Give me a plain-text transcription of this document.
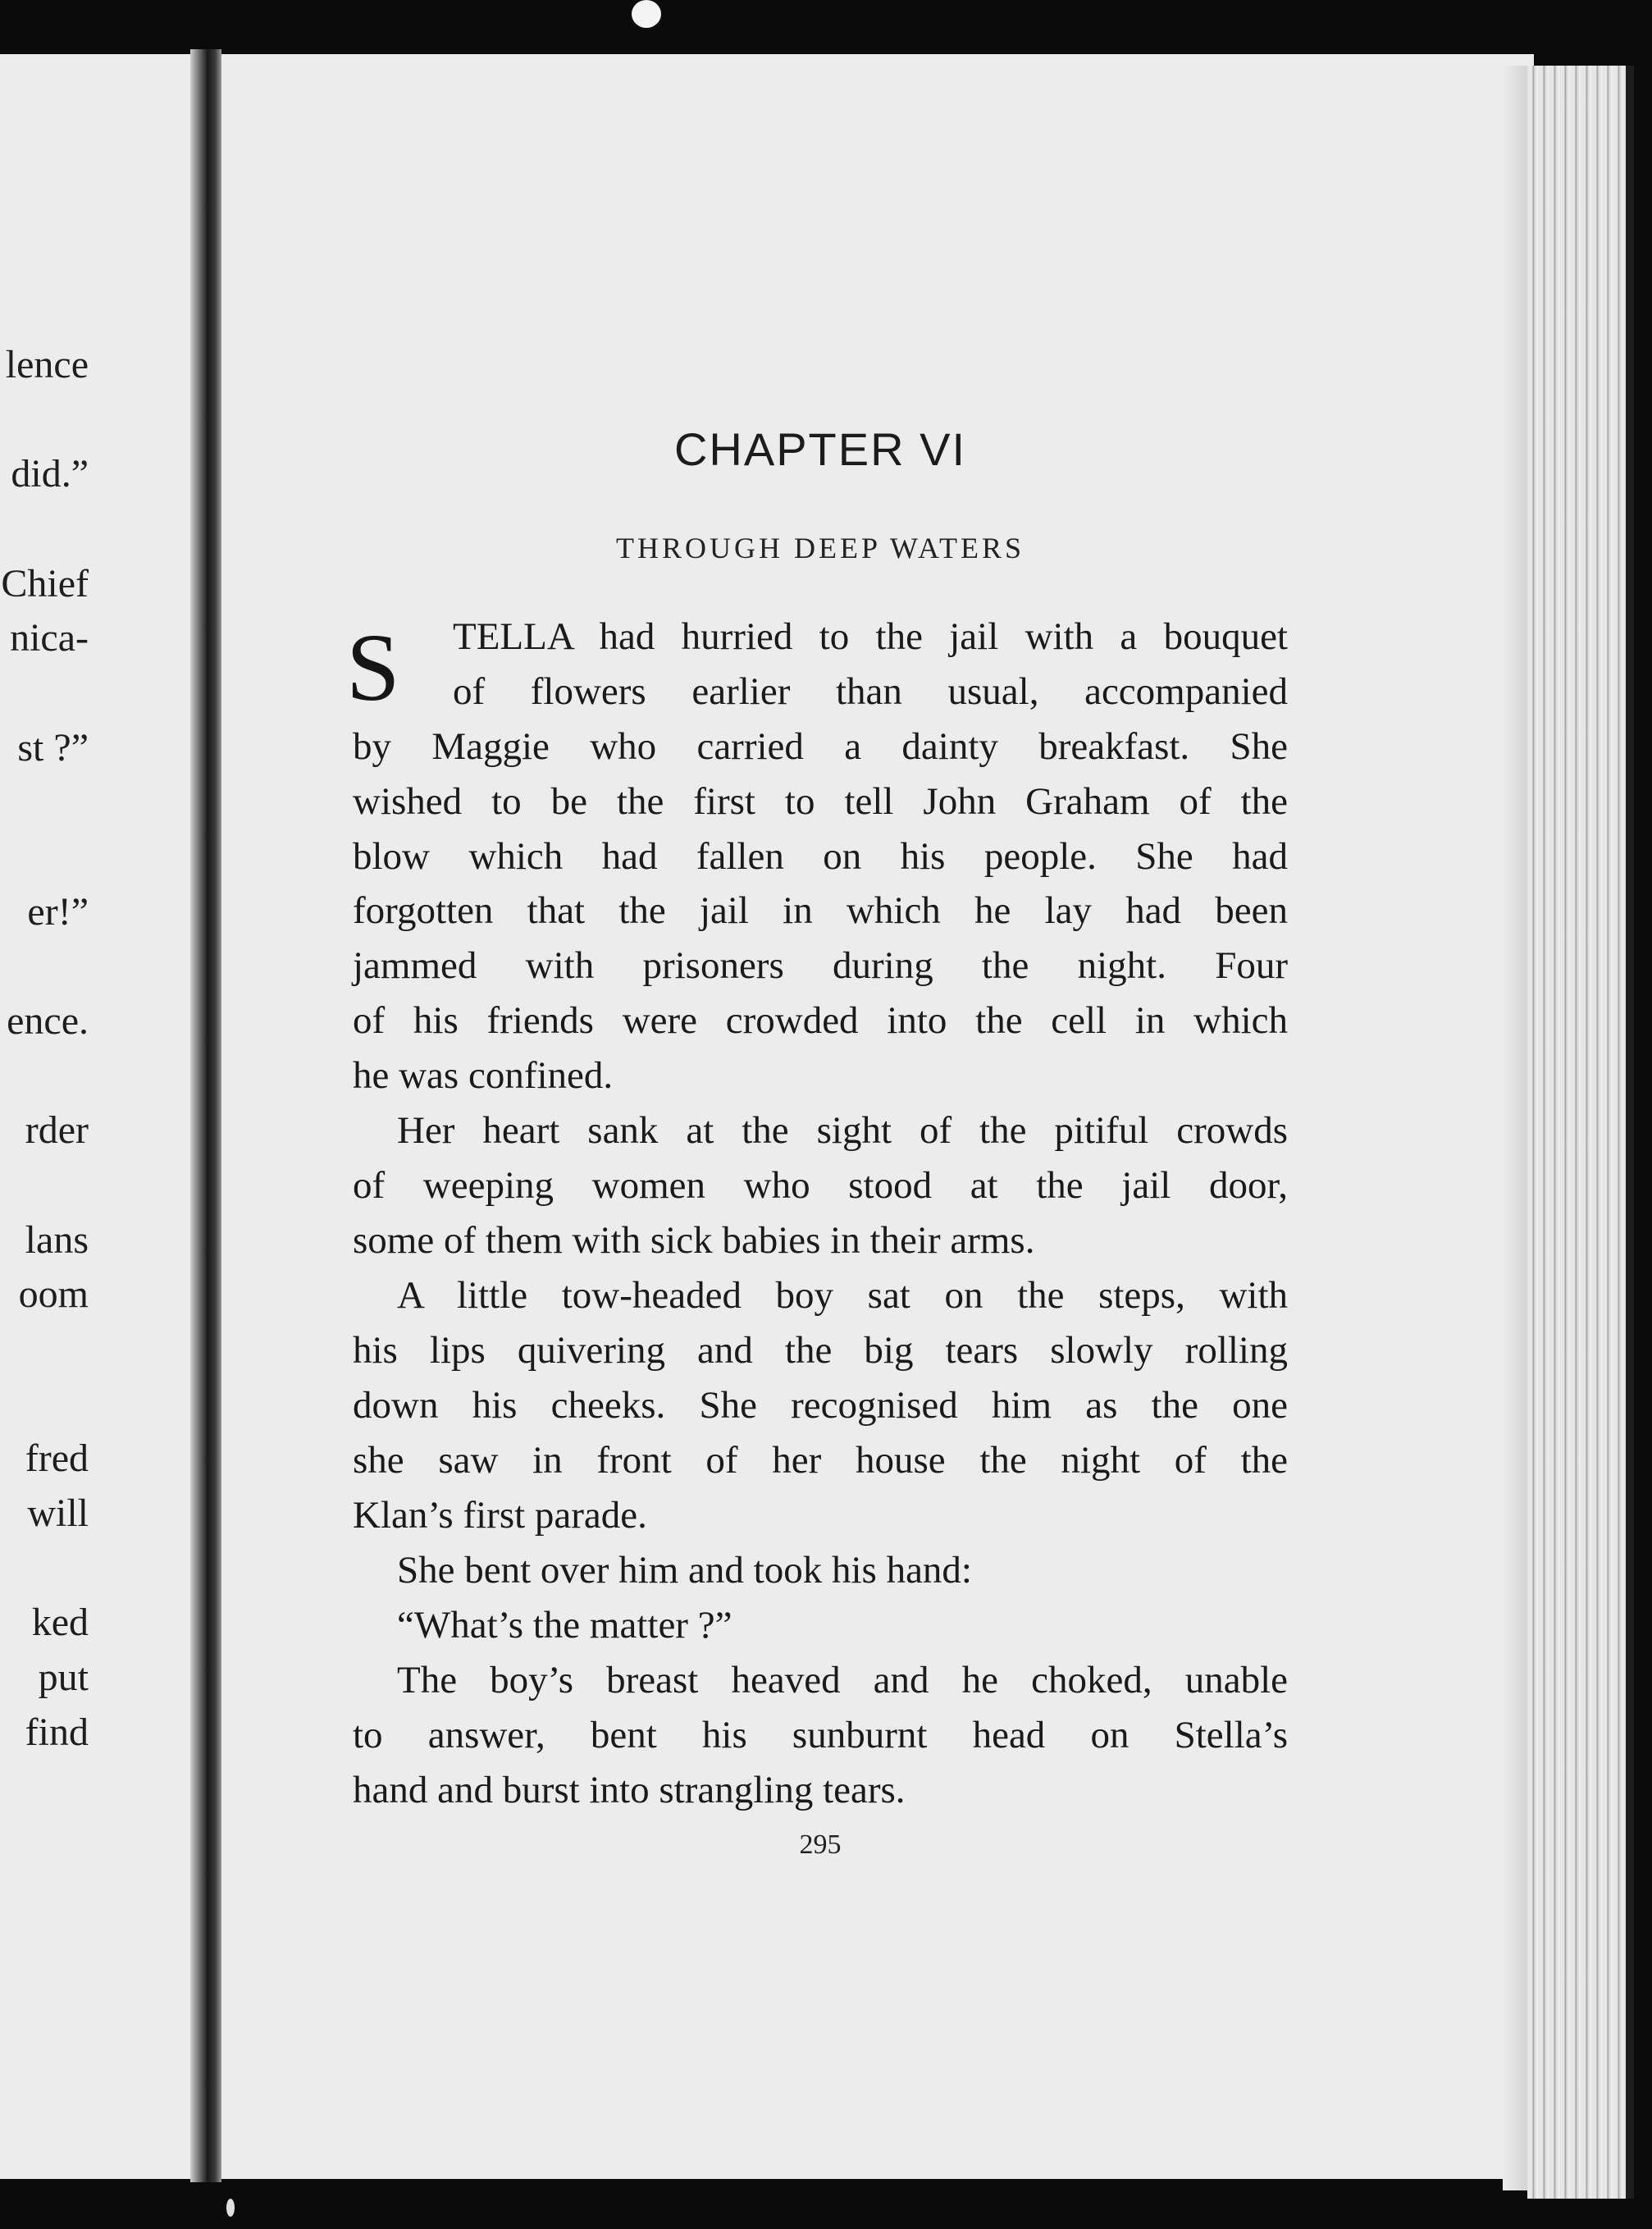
lence
did.”
Chief
nica-
st ?”
er!”
ence.
rder
lans
oom
fred
will
ked
put
find
CHAPTER VI
THROUGH DEEP WATERS
S TELLA had hurried to the jail with a bouquet
of flowers earlier than usual, accompanied
by Maggie who carried a dainty breakfast. She
wished to be the first to tell John Graham of the
blow which had fallen on his people. She had
forgotten that the jail in which he lay had been
jammed with prisoners during the night. Four
of his friends were crowded into the cell in which
he was confined.
Her heart sank at the sight of the pitiful crowds
of weeping women who stood at the jail door,
some of them with sick babies in their arms.
A little tow-headed boy sat on the steps, with
his lips quivering and the big tears slowly rolling
down his cheeks. She recognised him as the one
she saw in front of her house the night of the
Klan’s first parade.
She bent over him and took his hand:
“What’s the matter ?”
The boy’s breast heaved and he choked, unable
to answer, bent his sunburnt head on Stella’s
hand and burst into strangling tears.
295
